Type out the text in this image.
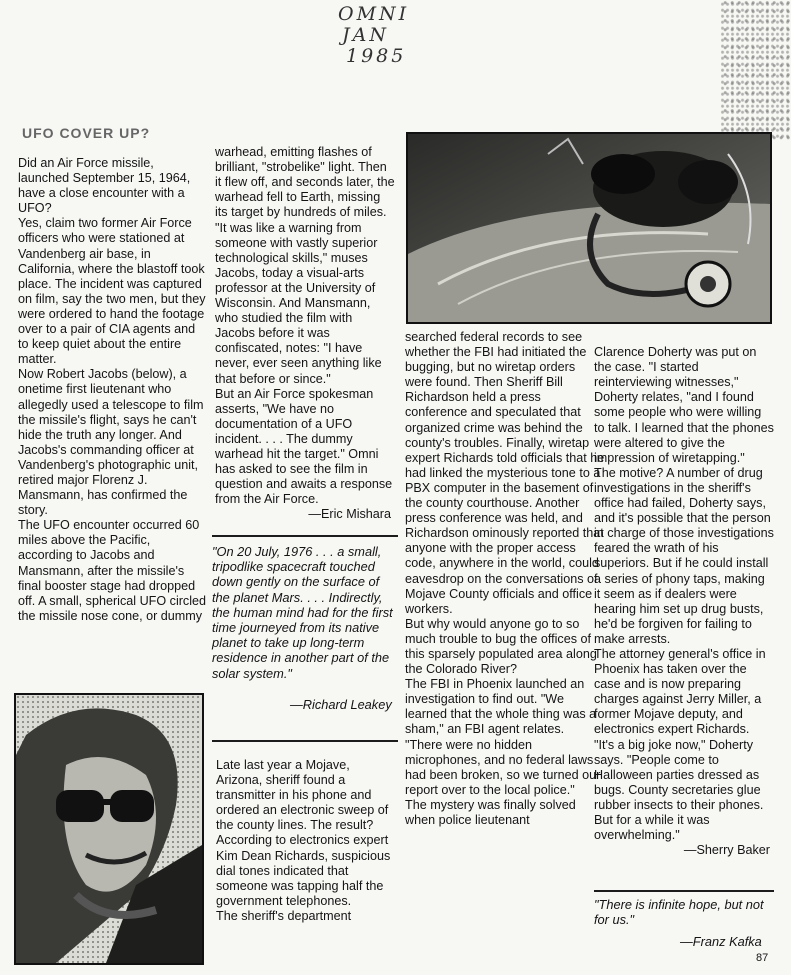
OMNI
JAN
1985
UFO COVER UP?
Did an Air Force missile, launched September 15, 1964, have a close encounter with a UFO?
Yes, claim two former Air Force officers who were stationed at Vandenberg air base, in California, where the blastoff took place. The incident was captured on film, say the two men, but they were ordered to hand the footage over to a pair of CIA agents and to keep quiet about the entire matter.
Now Robert Jacobs (below), a onetime first lieutenant who allegedly used a telescope to film the missile's flight, says he can't hide the truth any longer. And Jacobs's commanding officer at Vandenberg's photographic unit, retired major Florenz J. Mansmann, has confirmed the story.
The UFO encounter occurred 60 miles above the Pacific, according to Jacobs and Mansmann, after the missile's final booster stage had dropped off. A small, spherical UFO circled the missile nose cone, or dummy

warhead, emitting flashes of brilliant, "strobelike" light. Then it flew off, and seconds later, the warhead fell to Earth, missing its target by hundreds of miles.
"It was like a warning from someone with vastly superior technological skills," muses Jacobs, today a visual-arts professor at the University of Wisconsin. And Mansmann, who studied the film with Jacobs before it was confiscated, notes: "I have never, ever seen anything like that before or since."
But an Air Force spokesman asserts, "We have no documentation of a UFO incident. . . . The dummy warhead hit the target." Omni has asked to see the film in question and awaits a response from the Air Force.

—Eric Mishara

"On 20 July, 1976 . . . a small, tripodlike spacecraft touched down gently on the surface of the planet Mars. . . . Indirectly, the human mind had for the first time journeyed from its native planet to take up long-term residence in another part of the solar system."
—Richard Leakey
Late last year a Mojave, Arizona, sheriff found a transmitter in his phone and ordered an electronic sweep of the county lines. The result? According to electronics expert Kim Dean Richards, suspicious dial tones indicated that someone was tapping half the government telephones.
The sheriff's department
searched federal records to see whether the FBI had initiated the bugging, but no wiretap orders were found. Then Sheriff Bill Richardson held a press conference and speculated that organized crime was behind the county's troubles. Finally, wiretap expert Richards told officials that he had linked the mysterious tone to a PBX computer in the basement of the county courthouse. Another press conference was held, and Richardson ominously reported that anyone with the proper access code, anywhere in the world, could eavesdrop on the conversations of Mojave County officials and office workers.
But why would anyone go to so much trouble to bug the offices of this sparsely populated area along the Colorado River?
The FBI in Phoenix launched an investigation to find out. "We learned that the whole thing was a sham," an FBI agent relates. "There were no hidden microphones, and no federal laws had been broken, so we turned our report over to the local police."
The mystery was finally solved when police lieutenant

Clarence Doherty was put on the case. "I started reinterviewing witnesses," Doherty relates, "and I found some people who were willing to talk. I learned that the phones were altered to give the impression of wiretapping."
The motive? A number of drug investigations in the sheriff's office had failed, Doherty says, and it's possible that the person in charge of those investigations feared the wrath of his superiors. But if he could install a series of phony taps, making it seem as if dealers were hearing him set up drug busts, he'd be forgiven for failing to make arrests.
The attorney general's office in Phoenix has taken over the case and is now preparing charges against Jerry Miller, a former Mojave deputy, and electronics expert Richards.
"It's a big joke now," Doherty says. "People come to Halloween parties dressed as bugs. County secretaries glue rubber insects to their phones. But for a while it was overwhelming."

—Sherry Baker

"There is infinite hope, but not for us."
—Franz Kafka
87
